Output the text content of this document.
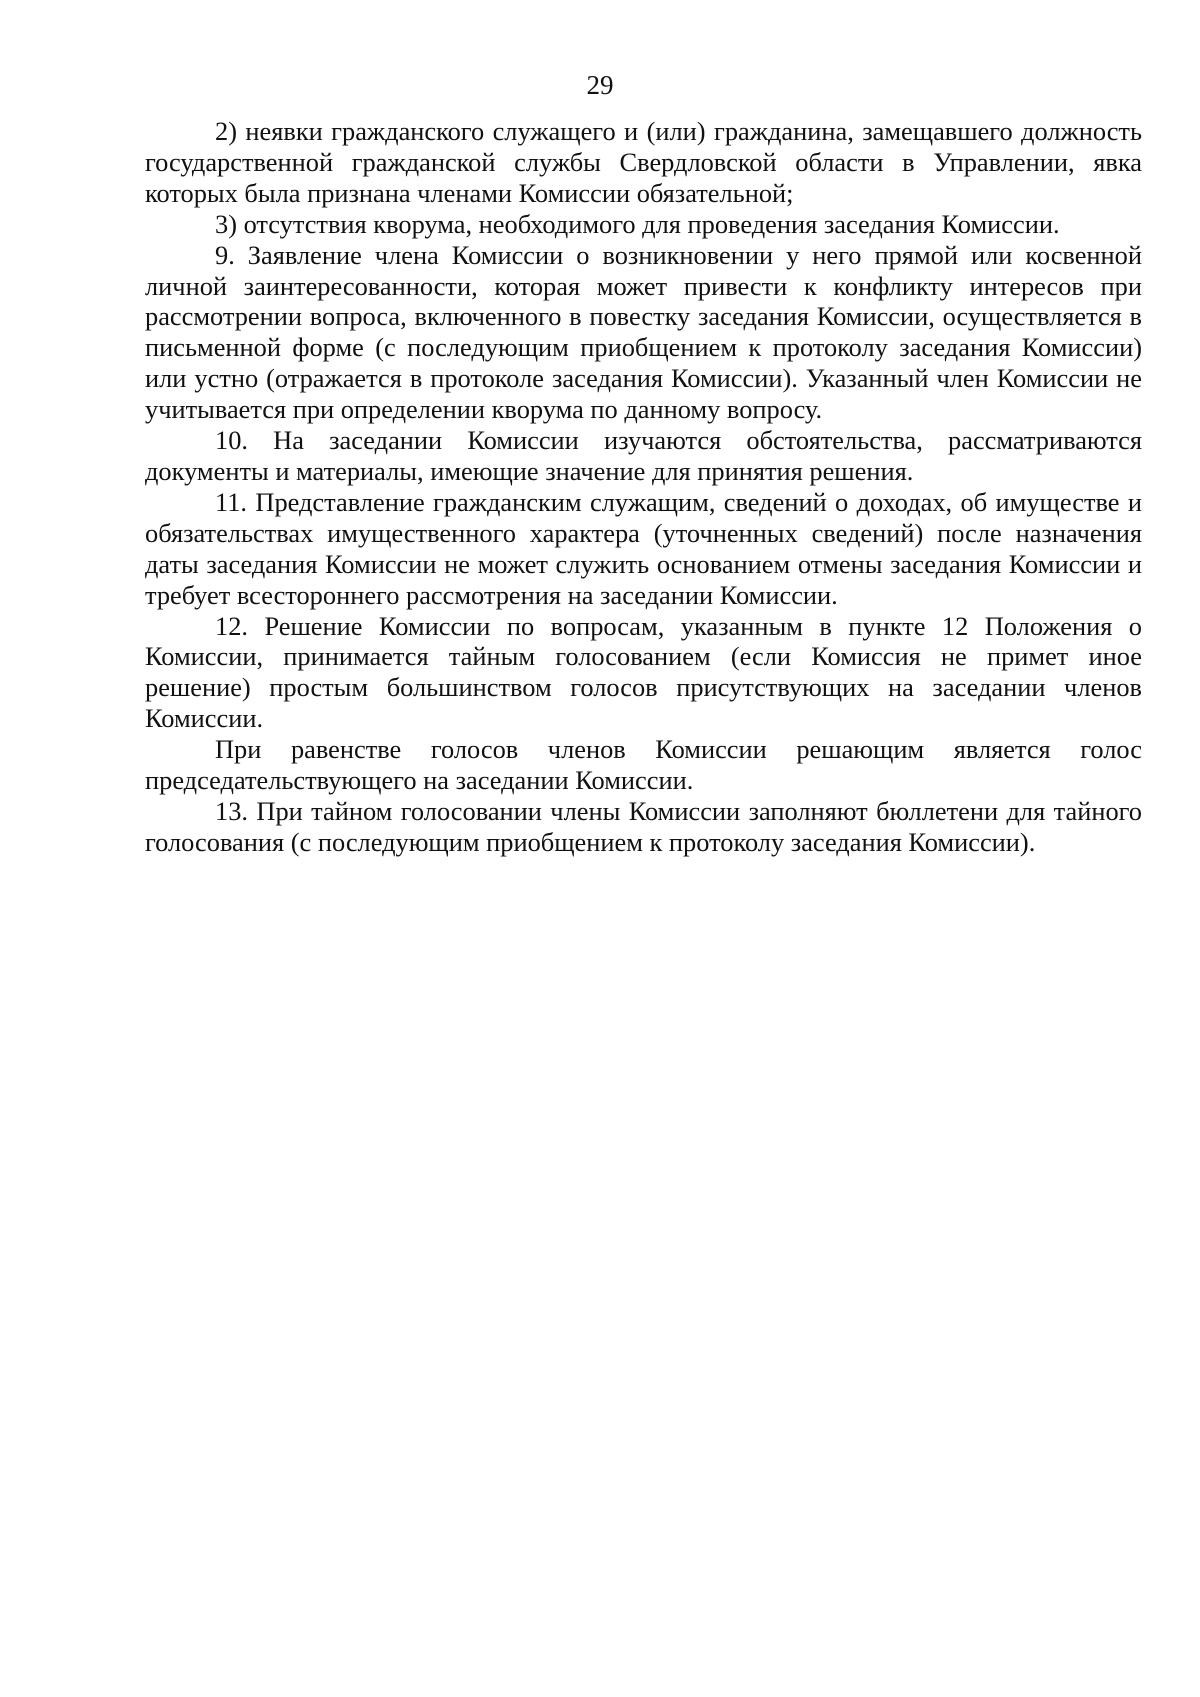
29

2) неявки гражданского служащего и (или) гражданина, замещавшего должность государственной гражданской службы Свердловской области в Управлении, явка которых была признана членами Комиссии обязательной;

3) отсутствия кворума, необходимого для проведения заседания Комиссии.

9. Заявление члена Комиссии о возникновении у него прямой или косвенной личной заинтересованности, которая может привести к конфликту интересов при рассмотрении вопроса, включенного в повестку заседания Комиссии, осуществляется в письменной форме (с последующим приобщением к протоколу заседания Комиссии) или устно (отражается в протоколе заседания Комиссии). Указанный член Комиссии не учитывается при определении кворума по данному вопросу.

10. На заседании Комиссии изучаются обстоятельства, рассматриваются документы и материалы, имеющие значение для принятия решения.

11. Представление гражданским служащим, сведений о доходах, об имуществе и обязательствах имущественного характера (уточненных сведений) после назначения даты заседания Комиссии не может служить основанием отмены заседания Комиссии и требует всестороннего рассмотрения на заседании Комиссии.

12. Решение Комиссии по вопросам, указанным в пункте 12 Положения о Комиссии, принимается тайным голосованием (если Комиссия не примет иное решение) простым большинством голосов присутствующих на заседании членов Комиссии.

При равенстве голосов членов Комиссии решающим является голос председательствующего на заседании Комиссии.

13. При тайном голосовании члены Комиссии заполняют бюллетени для тайного голосования (с последующим приобщением к протоколу заседания Комиссии).
